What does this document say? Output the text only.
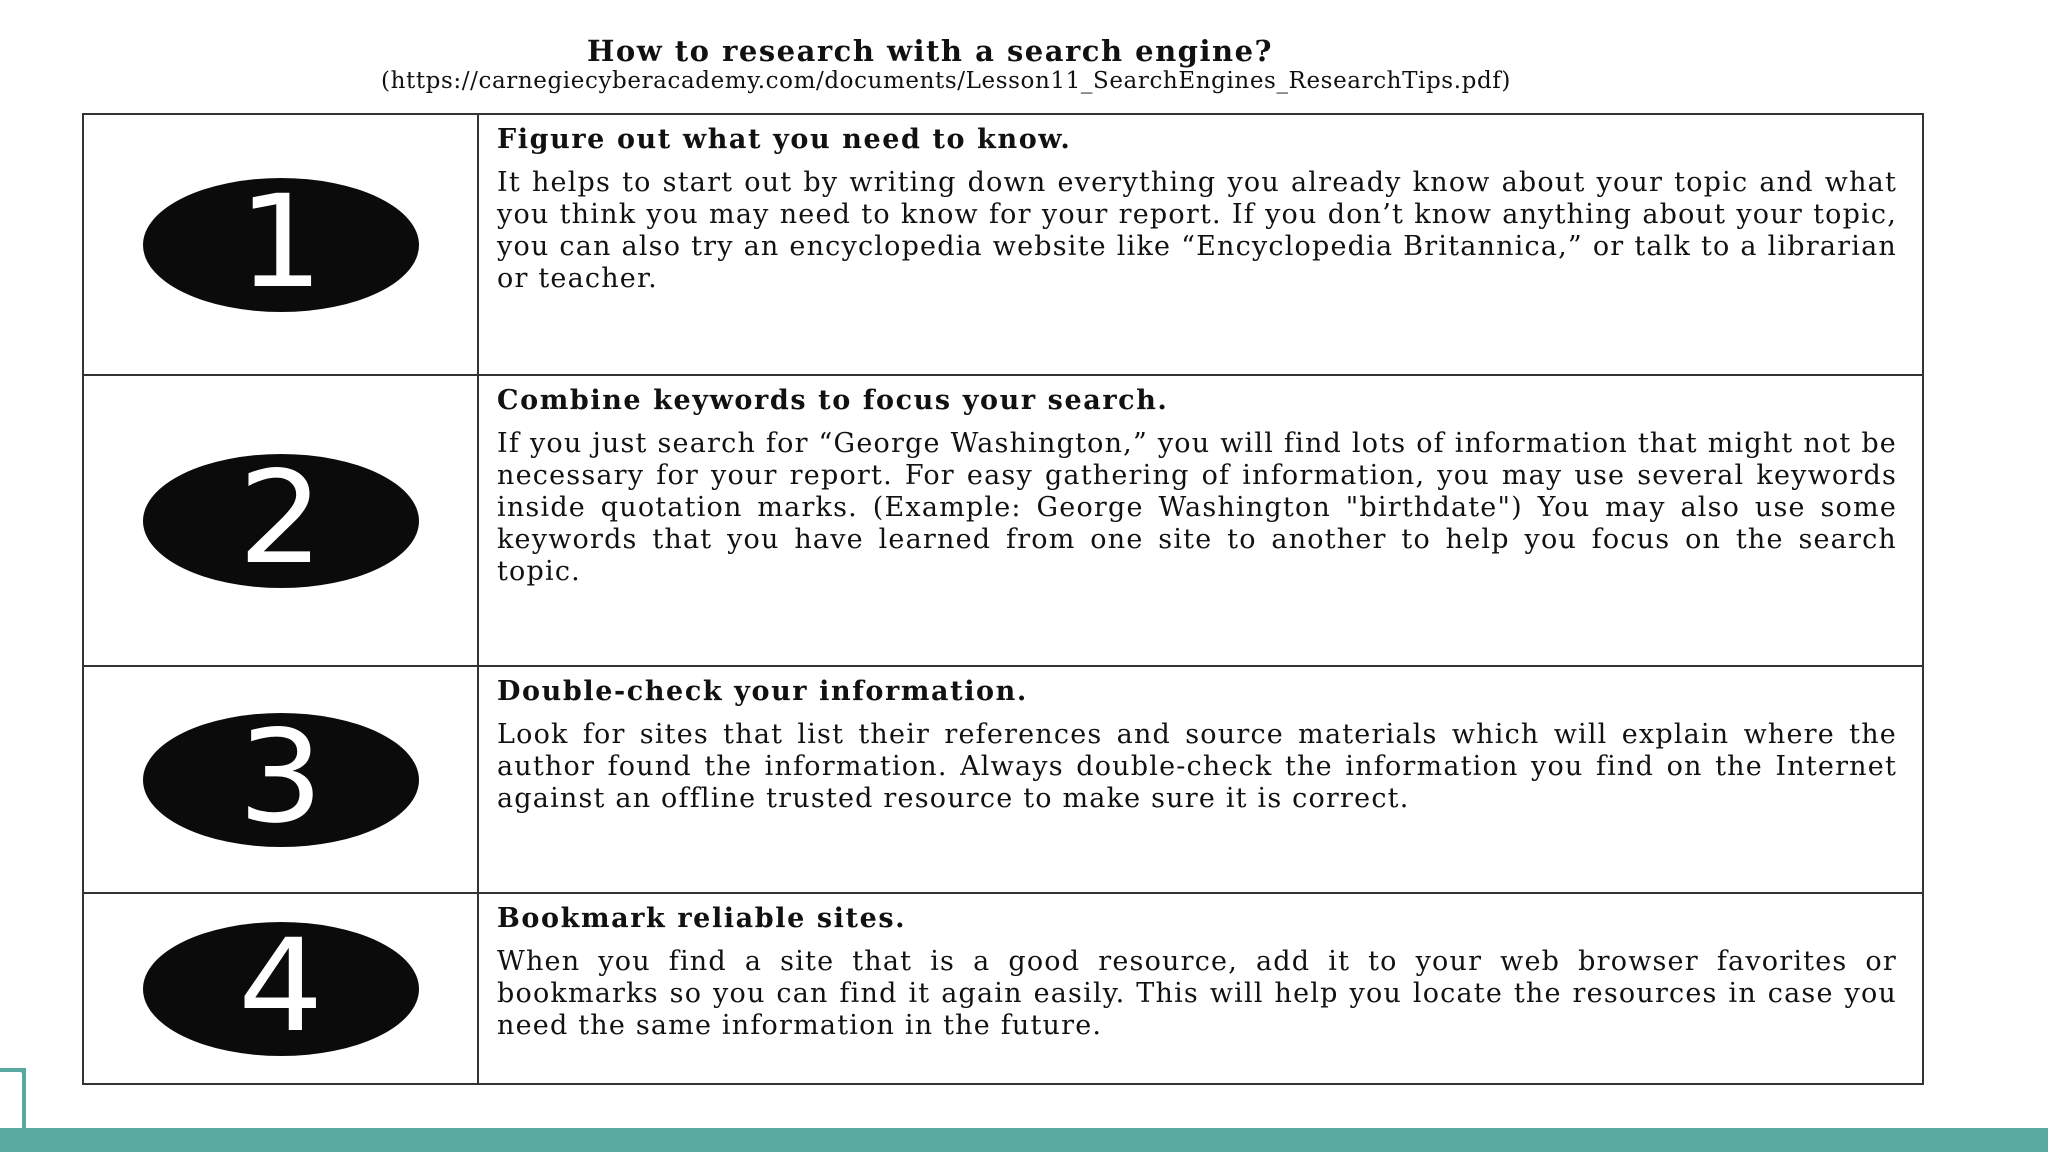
How to research with a search engine?
(https://carnegiecyberacademy.com/documents/Lesson11_SearchEngines_ResearchTips.pdf)
1
Figure out what you need to know.

It helps to start out by writing down everything you already know about your topic and what you think you may need to know for your report. If you don’t know anything about your topic, you can also try an encyclopedia website like “Encyclopedia Britannica,” or talk to a librarian or teacher.

2
Combine keywords to focus your search.

If you just search for “George Washington,” you will find lots of information that might not be necessary for your report. For easy gathering of information, you may use several keywords inside quotation marks. (Example: George Washington "birthdate") You may also use some keywords that you have learned from one site to another to help you focus on the search topic.

3
Double-check your information.

Look for sites that list their references and source materials which will explain where the author found the information. Always double-check the information you find on the Internet against an offline trusted resource to make sure it is correct.

4	Bookmark reliable sites.

When you find a site that is a good resource, add it to your web browser favorites or bookmarks so you can find it again easily. This will help you locate the resources in case you need the same information in the future.
